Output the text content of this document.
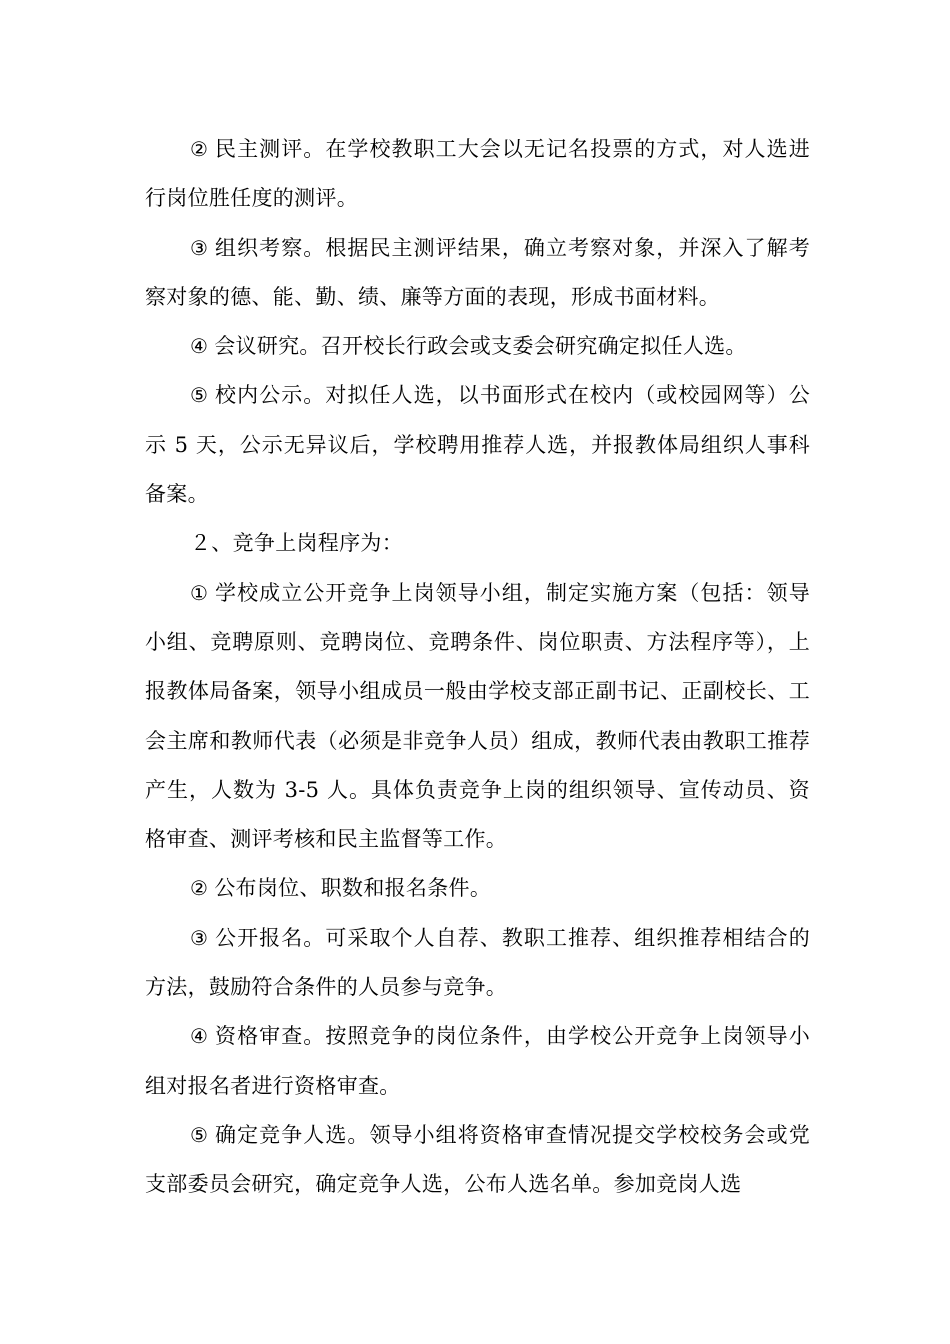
② 民主测评。在学校教职工大会以无记名投票的方式，对人选进行岗位胜任度的测评。

③ 组织考察。根据民主测评结果，确立考察对象，并深入了解考察对象的德、能、勤、绩、廉等方面的表现，形成书面材料。

④ 会议研究。召开校长行政会或支委会研究确定拟任人选。

⑤ 校内公示。对拟任人选，以书面形式在校内（或校园网等）公示 5 天，公示无异议后，学校聘用推荐人选，并报教体局组织人事科备案。

２、竞争上岗程序为：

① 学校成立公开竞争上岗领导小组，制定实施方案（包括：领导小组、竞聘原则、竞聘岗位、竞聘条件、岗位职责、方法程序等），上报教体局备案，领导小组成员一般由学校支部正副书记、正副校长、工会主席和教师代表（必须是非竞争人员）组成，教师代表由教职工推荐产生，人数为 3-5 人。具体负责竞争上岗的组织领导、宣传动员、资格审查、测评考核和民主监督等工作。

② 公布岗位、职数和报名条件。

③ 公开报名。可采取个人自荐、教职工推荐、组织推荐相结合的方法，鼓励符合条件的人员参与竞争。

④ 资格审查。按照竞争的岗位条件，由学校公开竞争上岗领导小组对报名者进行资格审查。

⑤ 确定竞争人选。领导小组将资格审查情况提交学校校务会或党支部委员会研究，确定竞争人选，公布人选名单。参加竞岗人选
